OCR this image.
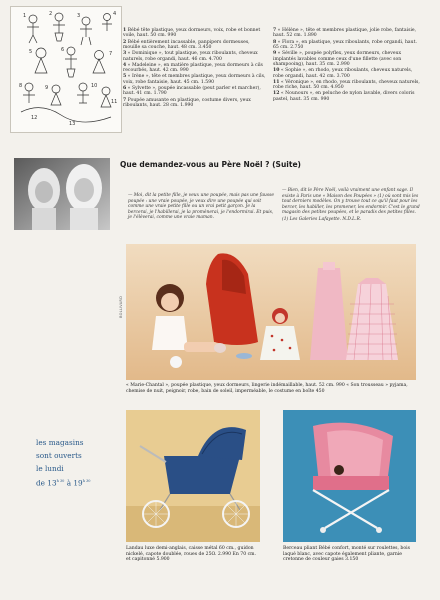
1	2	3	4
5	6
7
8	9	10
11
12
13

1 Bébé tête plastique, yeux dormeurs, voix, robe et bonnet voile, haut. 50 cm. 990

2 Bébé entièrement incassable, panpipers dormeuses, mouille sa couche, haut. 48 cm. 3.450

3 « Dominique », tout plastique, yeux riboulants, cheveux naturels, robe organdi, haut. 46 cm. 4.700

4 « Madeleine », en matière plastique, yeux dormeurs à cils recourbés, haut. 42 cm. 990

5 « Irène », tête et membres plastique, yeux dormeurs à cils, voix, robe fantaisie, haut. 45 cm. 1.590

6 « Sylvette », poupée incassable (peut parler et marcher), haut. 41 cm. 1.790

7 Poupée amusante en plastique, costume divers, yeux riboulants, haut. 28 cm. 1.990

7 « Hélène », tête et membres plastique, jolie robe, fantaisie, haut. 52 cm. 1.890

8 « Flora », en plastique, yeux riboulants, robe organdi, haut. 65 cm. 2.750

9 « Séville », poupée polyflex, yeux dormeurs, cheveux implantés lavables comme ceux d'une fillette (avec son shampooing), haut. 35 cm. 2.990

10 « Sophie », en rhodo, yeux riboulants, cheveux naturels, robe organdi, haut. 42 cm. 3.700

11 « Véronique », en rhodo, yeux riboulants, cheveux naturels, robe riche, haut. 50 cm. 4.950

12 « Nounours », en peluche de nylon lavable, divers coloris pastel, haut. 35 cm. 990

Que demandez-vous au Père Noël ? (Suite)
— Moi, dit la petite fille, je veux une poupée, mais pas une fausse poupée : une vraie poupée, je veux dire une poupée qui soit comme une vraie petite fille ou un vrai petit garçon. Je la bercerai, je l'habillerai, je la promènerai, je l'endormirai. Et puis, je l'élèverai, comme une vraie maman.
— Bien, dit le Père Noël, voilà vraiment une enfant sage. Il existe à Paris une « Maison des Poupées » (1) où sont mis les tout derniers modèles. On y trouve tout ce qu'il faut pour les bercer, les habiller, les promener, les endormir. C'est le grand magasin des petites poupées, et le paradis des petites filles.
(1) Les Galeries Lafayette. N.D.L.R.
BOLLIVARD
« Marie-Chantal », poupée plastique, yeux dormeurs, lingerie indémaillable, haut. 52 cm. 990 « Son trousseau » pyjama, chemise de nuit, peignoir, robe, bain de soleil, imperméable, le costume en boîte 450
les magasins
sont ouverts
le lundi
de $13^{h 30}$ à $19^{h 30}$
Landau luxe demi-anglais, caisse métal 60 cm., guidon nickelé, capote doublée, roues de 25O. 2.990 En 70 cm. et capitonné 5.900
Berceau pliant Bébé confort, monté sur roulettes, bois laqué blanc, avec capote également pliante, garnie cretonne de couleur gaies 3.150
